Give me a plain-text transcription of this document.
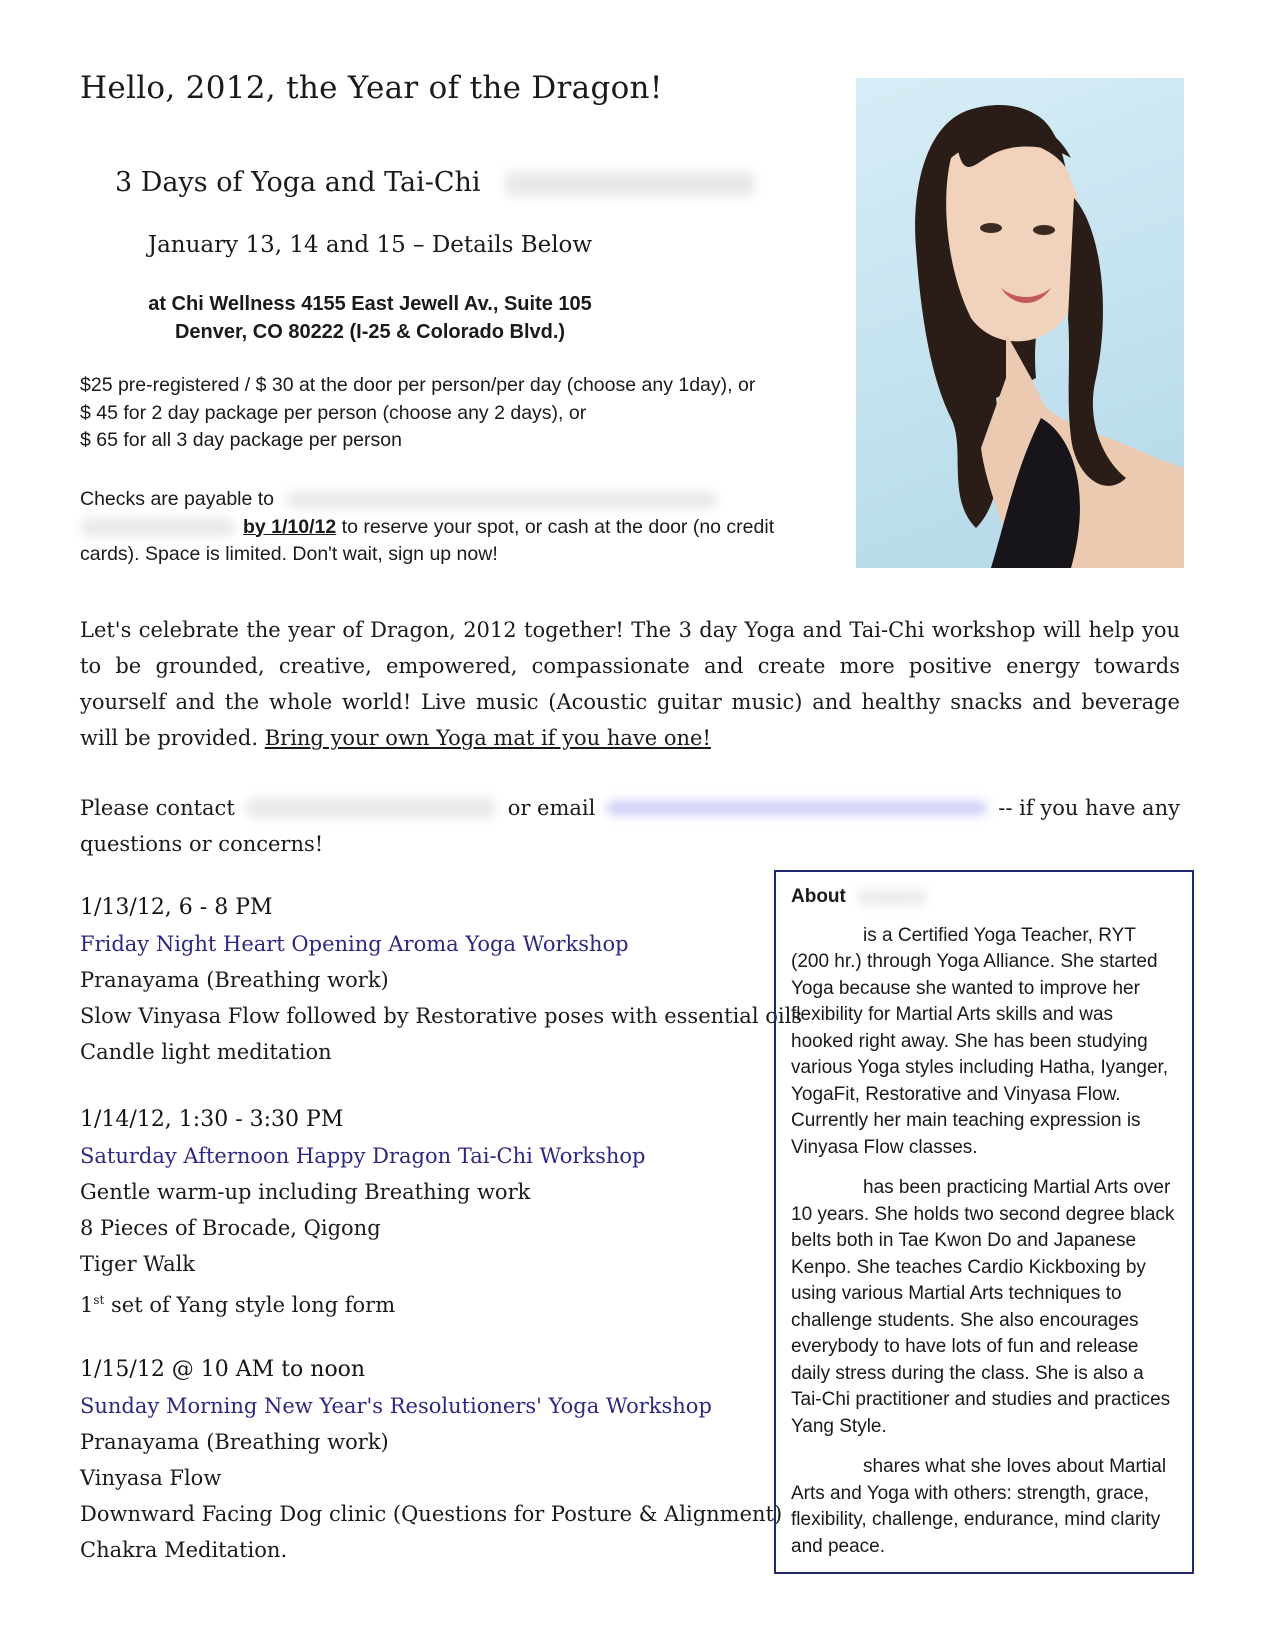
Hello, 2012, the Year of the Dragon!
3 Days of Yoga and Tai-Chi
January 13, 14 and 15 – Details Below
at Chi Wellness 4155 East Jewell Av., Suite 105
Denver, CO 80222 (I-25 & Colorado Blvd.)
$25 pre-registered / $ 30 at the door per person/per day (choose any 1day), or
$ 45 for 2 day package per person (choose any 2 days), or
$ 65 for all 3 day package per person
Checks are payable to
by 1/10/12 to reserve your spot, or cash at the door (no credit cards). Space is limited. Don't wait, sign up now!
Let's celebrate the year of Dragon, 2012 together! The 3 day Yoga and Tai-Chi workshop will help you to be grounded, creative, empowered, compassionate and create more positive energy towards yourself and the whole world! Live music (Acoustic guitar music) and healthy snacks and beverage will be provided. Bring your own Yoga mat if you have one!
Please contact	or email	-- if you have any
questions or concerns!
1/13/12, 6 - 8 PM
Friday Night Heart Opening Aroma Yoga Workshop
Pranayama (Breathing work)
Slow Vinyasa Flow followed by Restorative poses with essential oils
Candle light meditation
1/14/12, 1:30 - 3:30 PM
Saturday Afternoon Happy Dragon Tai-Chi Workshop
Gentle warm-up including Breathing work
8 Pieces of Brocade, Qigong
Tiger Walk
1st set of Yang style long form
1/15/12 @ 10 AM to noon
Sunday Morning New Year's Resolutioners' Yoga Workshop
Pranayama (Breathing work)
Vinyasa Flow
Downward Facing Dog clinic (Questions for Posture & Alignment)
Chakra Meditation.

About

is a Certified Yoga Teacher, RYT (200 hr.) through Yoga Alliance. She started Yoga because she wanted to improve her flexibility for Martial Arts skills and was hooked right away. She has been studying various Yoga styles including Hatha, Iyanger, YogaFit, Restorative and Vinyasa Flow. Currently her main teaching expression is Vinyasa Flow classes.

has been practicing Martial Arts over 10 years. She holds two second degree black belts both in Tae Kwon Do and Japanese Kenpo. She teaches Cardio Kickboxing by using various Martial Arts techniques to challenge students. She also encourages everybody to have lots of fun and release daily stress during the class. She is also a Tai-Chi practitioner and studies and practices Yang Style.

shares what she loves about Martial Arts and Yoga with others: strength, grace, flexibility, challenge, endurance, mind clarity and peace.
